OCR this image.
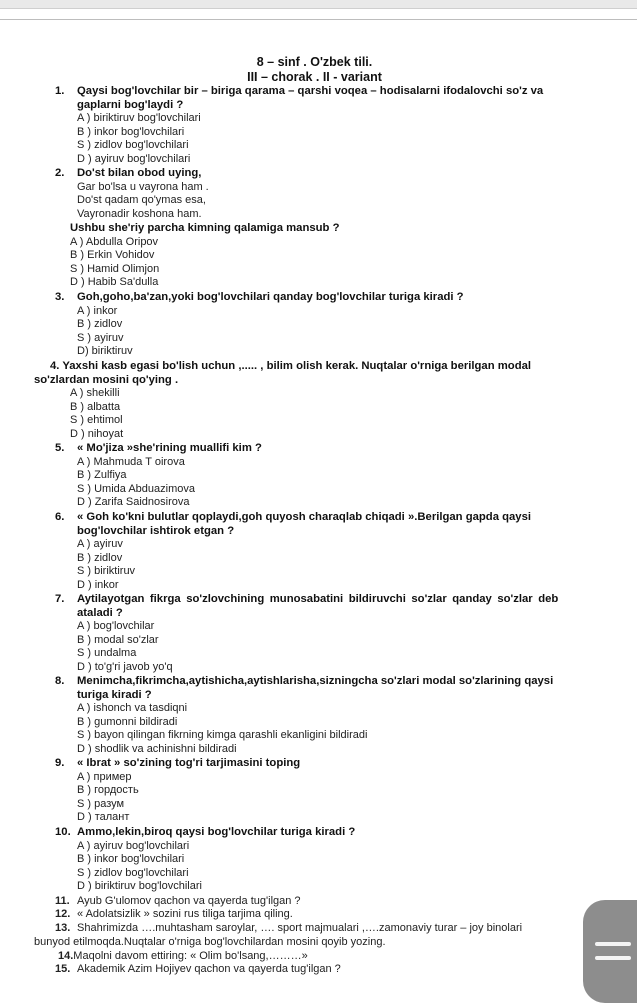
8 – sinf . O'zbek tili.
III – chorak . II - variant
1. Qaysi bog'lovchilar bir – biriga qarama – qarshi voqea – hodisalarni ifodalovchi so'z va
gaplarni bog'laydi ?
A ) biriktiruv bog'lovchilari
B ) inkor bog'lovchilari
S ) zidlov bog'lovchilari
D ) ayiruv bog'lovchilari
2. Do'st bilan obod uying,
Gar bo'lsa u vayrona ham .
Do'st qadam qo'ymas esa,
Vayronadir koshona ham.
Ushbu she'riy parcha kimning qalamiga mansub ?
A ) Abdulla Oripov
B ) Erkin Vohidov
S ) Hamid Olimjon
D ) Habib Sa'dulla
3. Goh,goho,ba'zan,yoki bog'lovchilari qanday bog'lovchilar turiga kiradi ?
A ) inkor
B ) zidlov
S ) ayiruv
D) biriktiruv
4. Yaxshi kasb egasi bo'lish uchun ,..... , bilim olish kerak. Nuqtalar o'rniga berilgan modal
so'zlardan mosini qo'ying .
A ) shekilli
B ) albatta
S ) ehtimol
D ) nihoyat
5. « Mo'jiza »she'rining muallifi kim ?
A ) Mahmuda T oirova
B ) Zulfiya
S ) Umida Abduazimova
D ) Zarifa Saidnosirova
6. « Goh ko'kni bulutlar qoplaydi,goh quyosh charaqlab chiqadi ».Berilgan gapda qaysi
bog'lovchilar ishtirok etgan ?
A ) ayiruv
B ) zidlov
S ) biriktiruv
D ) inkor
7. Aytilayotgan fikrga so'zlovchining munosabatini bildiruvchi so'zlar qanday so'zlar deb
ataladi ?
A ) bog'lovchilar
B ) modal so'zlar
S ) undalma
D ) to'g'ri javob yo'q
8. Menimcha,fikrimcha,aytishicha,aytishlarisha,sizningcha so'zlari modal so'zlarining qaysi
turiga kiradi ?
A ) ishonch va tasdiqni
B ) gumonni bildiradi
S ) bayon qilingan fikrning kimga qarashli ekanligini bildiradi
D ) shodlik va achinishni bildiradi
9. « Ibrat » so'zining tog'ri tarjimasini toping
A ) пример
B ) гордость
S ) разум
D ) талант
10. Ammo,lekin,biroq qaysi bog'lovchilar turiga kiradi ?
A ) ayiruv bog'lovchilari
B ) inkor bog'lovchilari
S ) zidlov bog'lovchilari
D ) biriktiruv bog'lovchilari
11. Ayub G'ulomov qachon va qayerda tug'ilgan ?
12. « Adolatsizlik » sozini rus tiliga tarjima qiling.
13. Shahrimizda ….muhtasham saroylar, …. sport majmualari ,….zamonaviy turar – joy binolari
bunyod etilmoqda.Nuqtalar o'rniga bog'lovchilardan mosini qoyib yozing.
14.Maqolni davom ettiring: « Olim bo'lsang,………»
15. Akademik Azim Hojiyev qachon va qayerda tug'ilgan ?
